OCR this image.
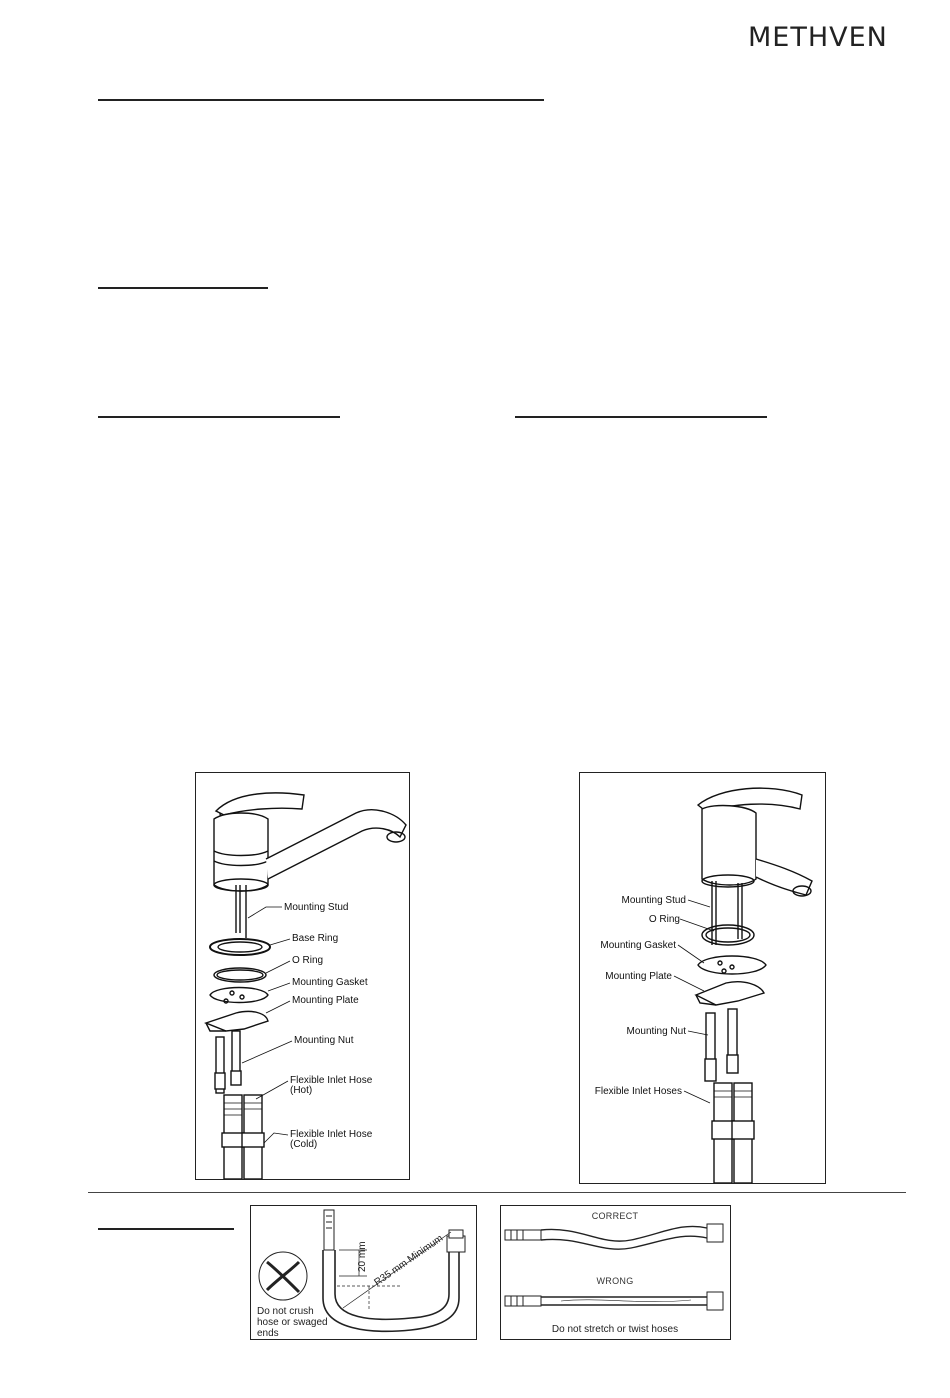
METHVEN
Mounting Stud
Base Ring
O Ring
Mounting Gasket
Mounting Plate
Mounting Nut
Flexible Inlet Hose
(Hot)
Flexible Inlet Hose
(Cold)
Mounting Stud
O Ring
Mounting Gasket
Mounting Plate
Mounting Nut
Flexible Inlet Hoses
20 mm R35 mm Minimum
Do not crush
hose or swaged
ends
CORRECT
WRONG
Do not stretch or twist hoses
